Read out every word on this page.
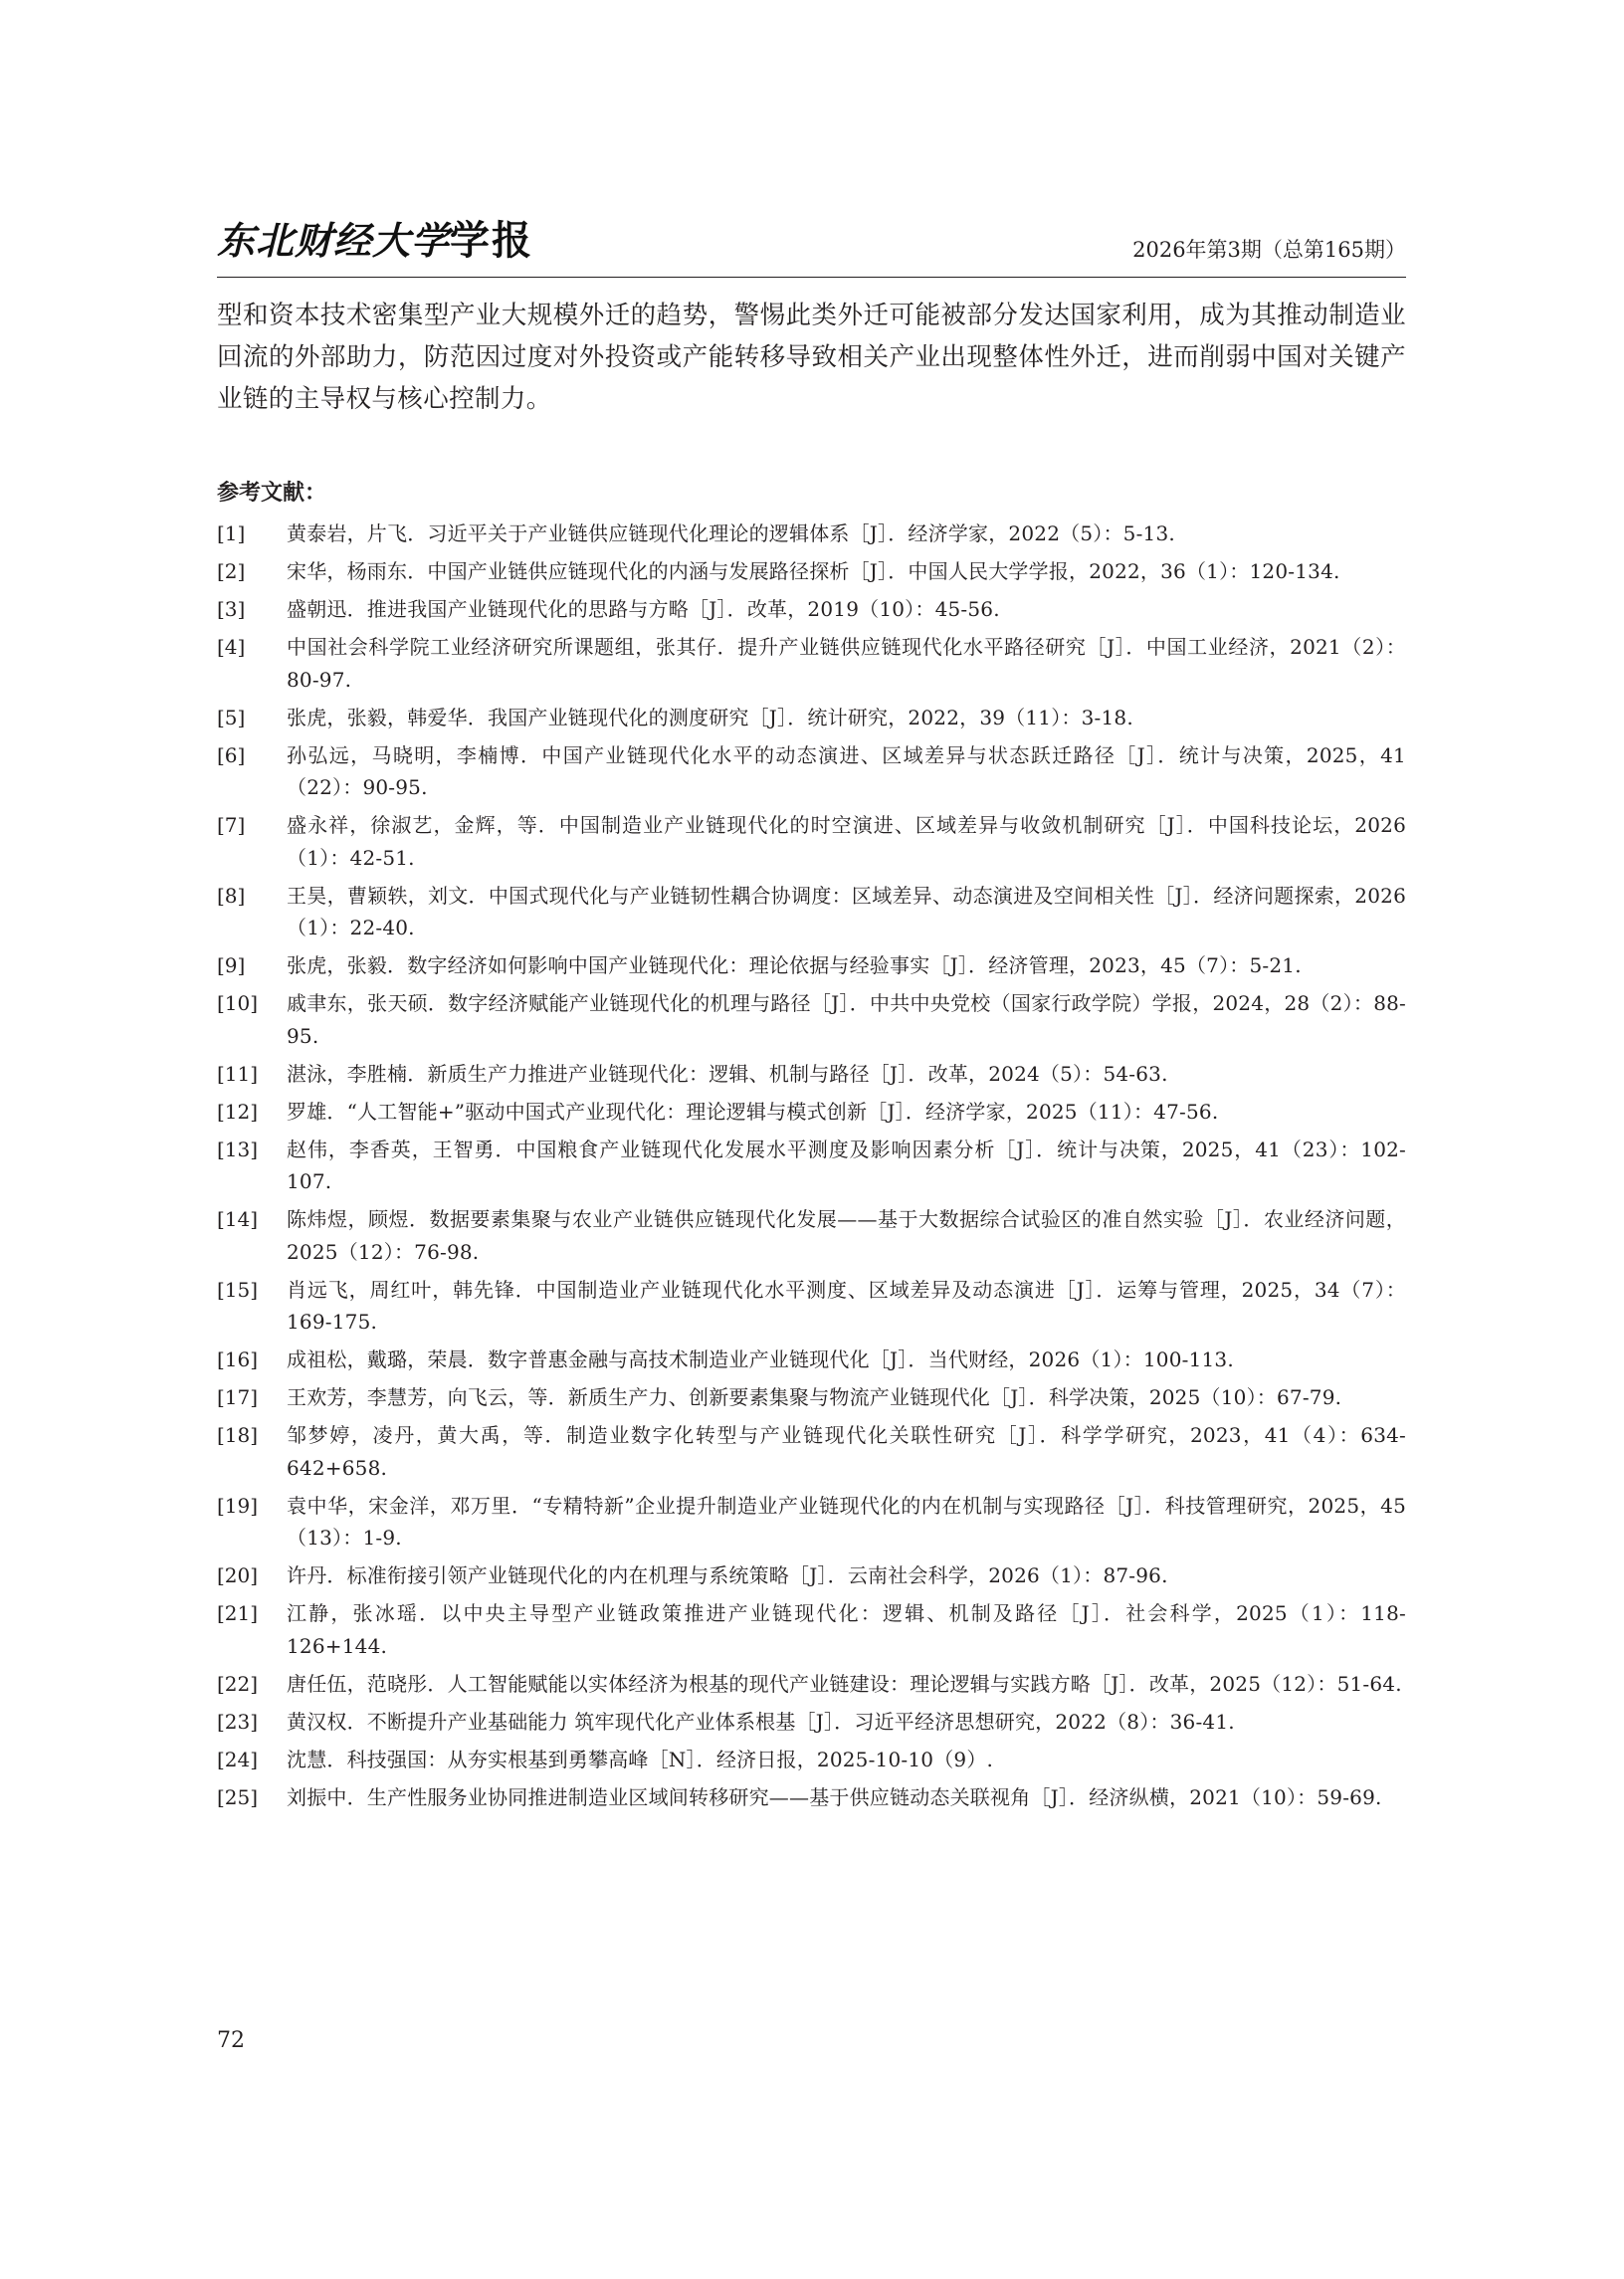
东北财经大学学报	2026年第3期（总第165期）

型和资本技术密集型产业大规模外迁的趋势，警惕此类外迁可能被部分发达国家利用，成为其推动制造业回流的外部助力，防范因过度对外投资或产能转移导致相关产业出现整体性外迁，进而削弱中国对关键产业链的主导权与核心控制力。

参考文献：
[1]	黄泰岩，片飞．习近平关于产业链供应链现代化理论的逻辑体系［J］．经济学家，2022（5）：5-13.
[2]	宋华，杨雨东．中国产业链供应链现代化的内涵与发展路径探析［J］．中国人民大学学报，2022，36（1）：120-134.
[3]	盛朝迅．推进我国产业链现代化的思路与方略［J］．改革，2019（10）：45-56.
[4]	中国社会科学院工业经济研究所课题组，张其仔．提升产业链供应链现代化水平路径研究［J］．中国工业经济，2021（2）：80-97.
[5]	张虎，张毅，韩爱华．我国产业链现代化的测度研究［J］．统计研究，2022，39（11）：3-18.
[6]	孙弘远，马晓明，李楠博．中国产业链现代化水平的动态演进、区域差异与状态跃迁路径［J］．统计与决策，2025，41（22）：90-95.
[7]	盛永祥，徐淑艺，金辉，等．中国制造业产业链现代化的时空演进、区域差异与收敛机制研究［J］．中国科技论坛，2026（1）：42-51.
[8]	王昊，曹颖轶，刘文．中国式现代化与产业链韧性耦合协调度：区域差异、动态演进及空间相关性［J］．经济问题探索，2026（1）：22-40.
[9]	张虎，张毅．数字经济如何影响中国产业链现代化：理论依据与经验事实［J］．经济管理，2023，45（7）：5-21.
[10]	戚聿东，张天硕．数字经济赋能产业链现代化的机理与路径［J］．中共中央党校（国家行政学院）学报，2024，28（2）：88-95.
[11]	湛泳，李胜楠．新质生产力推进产业链现代化：逻辑、机制与路径［J］．改革，2024（5）：54-63.
[12]	罗雄．“人工智能+”驱动中国式产业现代化：理论逻辑与模式创新［J］．经济学家，2025（11）：47-56.
[13]	赵伟，李香英，王智勇．中国粮食产业链现代化发展水平测度及影响因素分析［J］．统计与决策，2025，41（23）：102-107.
[14]	陈炜煜，顾煜．数据要素集聚与农业产业链供应链现代化发展——基于大数据综合试验区的准自然实验［J］．农业经济问题，2025（12）：76-98.
[15]	肖远飞，周红叶，韩先锋．中国制造业产业链现代化水平测度、区域差异及动态演进［J］．运筹与管理，2025，34（7）：169-175.
[16]	成祖松，戴璐，荣晨．数字普惠金融与高技术制造业产业链现代化［J］．当代财经，2026（1）：100-113.
[17]	王欢芳，李慧芳，向飞云，等．新质生产力、创新要素集聚与物流产业链现代化［J］．科学决策，2025（10）：67-79.
[18]	邹梦婷，凌丹，黄大禹，等．制造业数字化转型与产业链现代化关联性研究［J］．科学学研究，2023，41（4）：634-642+658.
[19]	袁中华，宋金洋，邓万里．“专精特新”企业提升制造业产业链现代化的内在机制与实现路径［J］．科技管理研究，2025，45（13）：1-9.
[20]	许丹．标准衔接引领产业链现代化的内在机理与系统策略［J］．云南社会科学，2026（1）：87-96.
[21]	江静，张冰瑶．以中央主导型产业链政策推进产业链现代化：逻辑、机制及路径［J］．社会科学，2025（1）：118-126+144.
[22]	唐任伍，范晓彤．人工智能赋能以实体经济为根基的现代产业链建设：理论逻辑与实践方略［J］．改革，2025（12）：51-64.
[23]	黄汉权．不断提升产业基础能力 筑牢现代化产业体系根基［J］．习近平经济思想研究，2022（8）：36-41.
[24]	沈慧．科技强国：从夯实根基到勇攀高峰［N］．经济日报，2025-10-10（9）.
[25]	刘振中．生产性服务业协同推进制造业区域间转移研究——基于供应链动态关联视角［J］．经济纵横，2021（10）：59-69.
72
